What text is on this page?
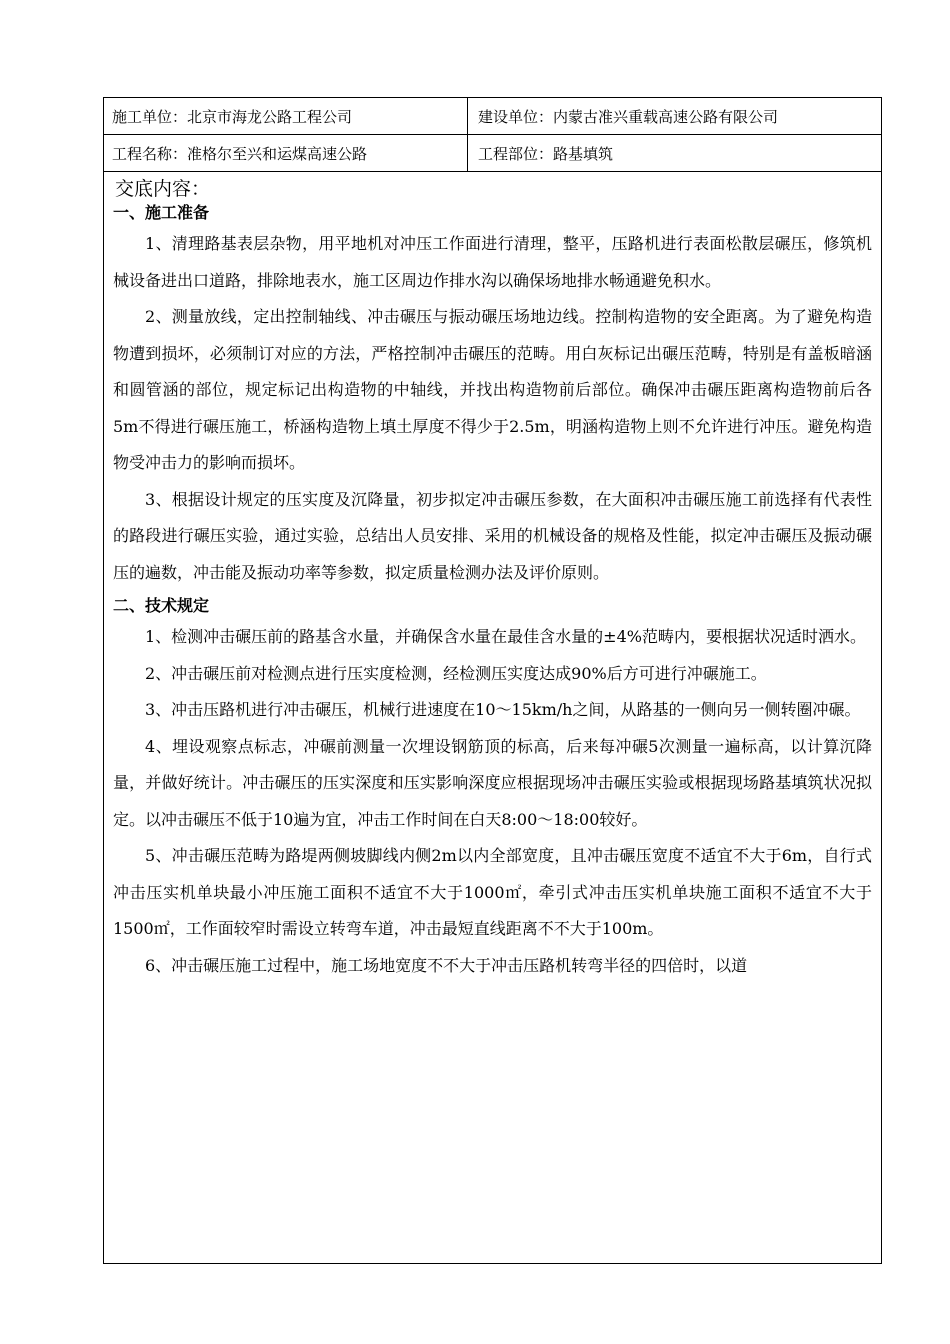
施工单位：北京市海龙公路工程公司	建设单位：内蒙古准兴重载高速公路有限公司
工程名称：准格尔至兴和运煤高速公路	工程部位：路基填筑
交底内容：
一、施工准备

1、清理路基表层杂物，用平地机对冲压工作面进行清理，整平，压路机进行表面松散层碾压，修筑机械设备进出口道路，排除地表水，施工区周边作排水沟以确保场地排水畅通避免积水。

2、测量放线，定出控制轴线、冲击碾压与振动碾压场地边线。控制构造物的安全距离。为了避免构造物遭到损坏，必须制订对应的方法，严格控制冲击碾压的范畴。用白灰标记出碾压范畴，特别是有盖板暗涵和圆管涵的部位，规定标记出构造物的中轴线，并找出构造物前后部位。确保冲击碾压距离构造物前后各5m不得进行碾压施工，桥涵构造物上填土厚度不得少于2.5m，明涵构造物上则不允许进行冲压。避免构造物受冲击力的影响而损坏。

3、根据设计规定的压实度及沉降量，初步拟定冲击碾压参数，在大面积冲击碾压施工前选择有代表性的路段进行碾压实验，通过实验，总结出人员安排、采用的机械设备的规格及性能，拟定冲击碾压及振动碾压的遍数，冲击能及振动功率等参数，拟定质量检测办法及评价原则。

二、技术规定

1、检测冲击碾压前的路基含水量，并确保含水量在最佳含水量的±4%范畴内，要根据状况适时洒水。

2、冲击碾压前对检测点进行压实度检测，经检测压实度达成90%后方可进行冲碾施工。

3、冲击压路机进行冲击碾压，机械行进速度在10～15km/h之间，从路基的一侧向另一侧转圈冲碾。

4、埋设观察点标志，冲碾前测量一次埋设钢筋顶的标高，后来每冲碾5次测量一遍标高，以计算沉降量，并做好统计。冲击碾压的压实深度和压实影响深度应根据现场冲击碾压实验或根据现场路基填筑状况拟定。以冲击碾压不低于10遍为宜，冲击工作时间在白天8:00～18:00较好。

5、冲击碾压范畴为路堤两侧坡脚线内侧2m以内全部宽度，且冲击碾压宽度不适宜不大于6m，自行式冲击压实机单块最小冲压施工面积不适宜不大于1000㎡，牵引式冲击压实机单块施工面积不适宜不大于1500㎡，工作面较窄时需设立转弯车道，冲击最短直线距离不不大于100m。

6、冲击碾压施工过程中，施工场地宽度不不大于冲击压路机转弯半径的四倍时，以道
